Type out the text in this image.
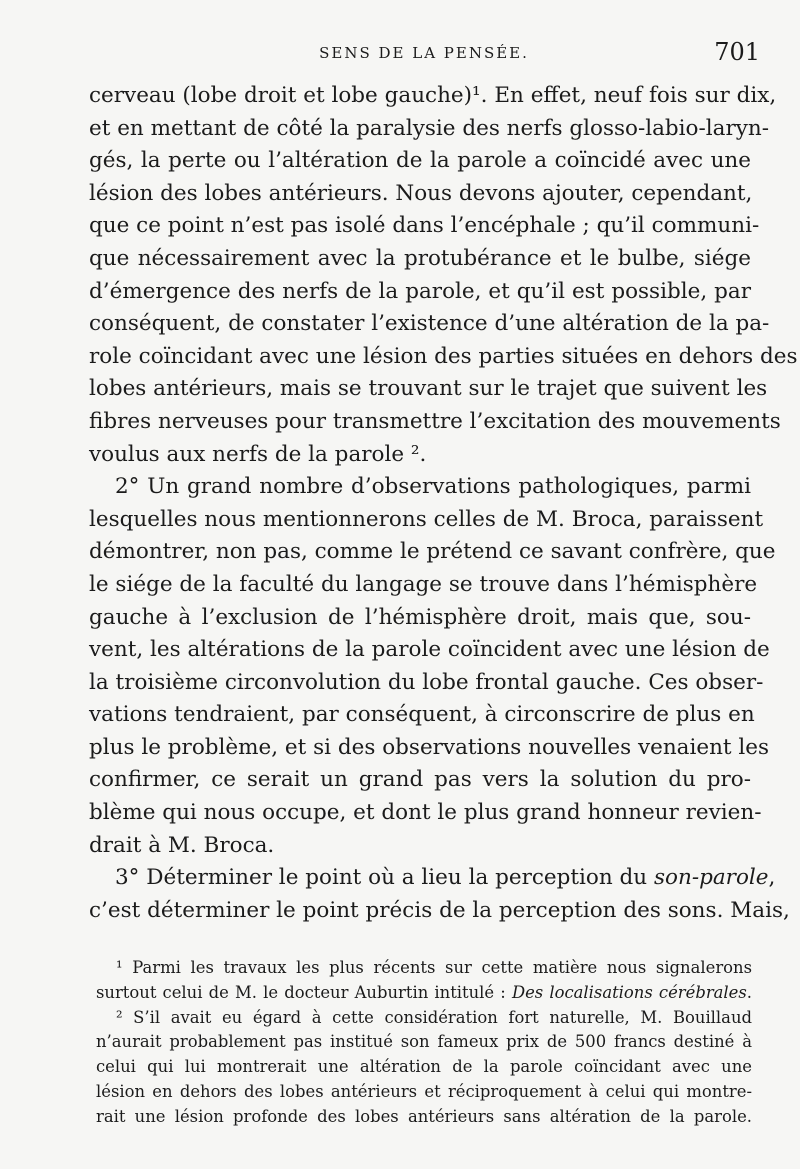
SENS DE LA PENSÉE.	701
cerveau (lobe droit et lobe gauche)¹. En effet, neuf fois sur dix,
et en mettant de côté la paralysie des nerfs glosso-labio-laryn-
gés, la perte ou l’altération de la parole a coïncidé avec une
lésion des lobes antérieurs. Nous devons ajouter, cependant,
que ce point n’est pas isolé dans l’encéphale ; qu’il communi-
que nécessairement avec la protubérance et le bulbe, siége
d’émergence des nerfs de la parole, et qu’il est possible, par
conséquent, de constater l’existence d’une altération de la pa-
role coïncidant avec une lésion des parties situées en dehors des
lobes antérieurs, mais se trouvant sur le trajet que suivent les
fibres nerveuses pour transmettre l’excitation des mouvements
voulus aux nerfs de la parole ².
2° Un grand nombre d’observations pathologiques, parmi
lesquelles nous mentionnerons celles de M. Broca, paraissent
démontrer, non pas, comme le prétend ce savant confrère, que
le siége de la faculté du langage se trouve dans l’hémisphère
gauche à l’exclusion de l’hémisphère droit, mais que, sou-
vent, les altérations de la parole coïncident avec une lésion de
la troisième circonvolution du lobe frontal gauche. Ces obser-
vations tendraient, par conséquent, à circonscrire de plus en
plus le problème, et si des observations nouvelles venaient les
confirmer, ce serait un grand pas vers la solution du pro-
blème qui nous occupe, et dont le plus grand honneur revien-
drait à M. Broca.
3° Déterminer le point où a lieu la perception du son-parole,
c’est déterminer le point précis de la perception des sons. Mais,
¹ Parmi les travaux les plus récents sur cette matière nous signalerons
surtout celui de M. le docteur Auburtin intitulé : Des localisations cérébrales.
² S’il avait eu égard à cette considération fort naturelle, M. Bouillaud
n’aurait probablement pas institué son fameux prix de 500 francs destiné à
celui qui lui montrerait une altération de la parole coïncidant avec une
lésion en dehors des lobes antérieurs et réciproquement à celui qui montre-
rait une lésion profonde des lobes antérieurs sans altération de la parole.
